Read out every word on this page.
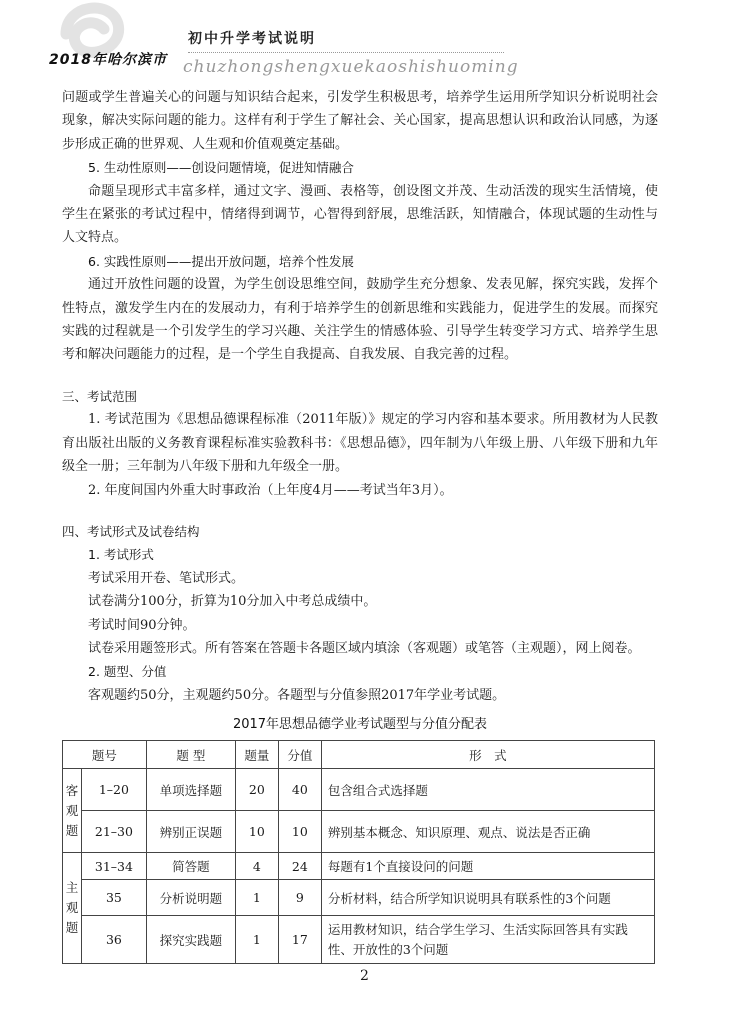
初中升学考试说明
2018年哈尔滨市 chuzhongshengxuekaoshishuoming

问题或学生普遍关心的问题与知识结合起来，引发学生积极思考，培养学生运用所学知识分析说明社会现象，解决实际问题的能力。这样有利于学生了解社会、关心国家，提高思想认识和政治认同感，为逐步形成正确的世界观、人生观和价值观奠定基础。

5. 生动性原则——创设问题情境，促进知情融合

命题呈现形式丰富多样，通过文字、漫画、表格等，创设图文并茂、生动活泼的现实生活情境，使学生在紧张的考试过程中，情绪得到调节，心智得到舒展，思维活跃，知情融合，体现试题的生动性与人文特点。

6. 实践性原则——提出开放问题，培养个性发展

通过开放性问题的设置，为学生创设思维空间，鼓励学生充分想象、发表见解，探究实践，发挥个性特点，激发学生内在的发展动力，有利于培养学生的创新思维和实践能力，促进学生的发展。而探究实践的过程就是一个引发学生的学习兴趣、关注学生的情感体验、引导学生转变学习方式、培养学生思考和解决问题能力的过程，是一个学生自我提高、自我发展、自我完善的过程。

三、考试范围

1. 考试范围为《思想品德课程标准（2011年版）》规定的学习内容和基本要求。所用教材为人民教育出版社出版的义务教育课程标准实验教科书：《思想品德》，四年制为八年级上册、八年级下册和九年级全一册；三年制为八年级下册和九年级全一册。

2. 年度间国内外重大时事政治（上年度4月——考试当年3月）。

四、考试形式及试卷结构

1. 考试形式

考试采用开卷、笔试形式。

试卷满分100分，折算为10分加入中考总成绩中。

考试时间90分钟。

试卷采用题签形式。所有答案在答题卡各题区域内填涂（客观题）或笔答（主观题），网上阅卷。

2. 题型、分值

客观题约50分，主观题约50分。各题型与分值参照2017年学业考试题。

2017年思想品德学业考试题型与分值分配表
题号		题 型	题量	分值	形　式
客观题	1–20	单项选择题	20	40	包含组合式选择题
	21–30	辨别正误题	10	10	辨别基本概念、知识原理、观点、说法是否正确
主观题	31–34	简答题	4	24	每题有1个直接设问的问题
	35	分析说明题	1	9	分析材料，结合所学知识说明具有联系性的3个问题
	36	探究实践题	1	17	运用教材知识，结合学生学习、生活实际回答具有实践性、开放性的3个问题
2
